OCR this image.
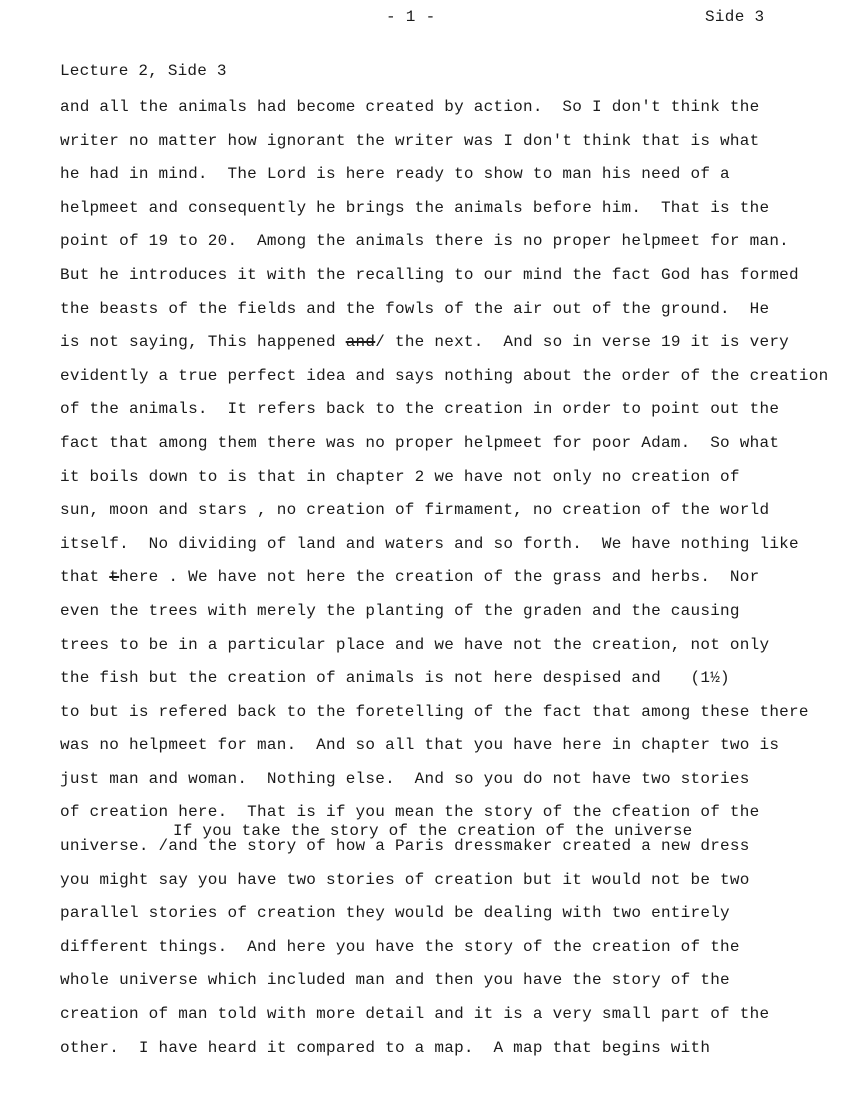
- 1 -	Side 3
Lecture 2, Side 3
If you take the story of the creation of the universe
and all the animals had become created by action.  So I don't think the
writer no matter how ignorant the writer was I don't think that is what
he had in mind.  The Lord is here ready to show to man his need of a
helpmeet and consequently he brings the animals before him.  That is the
point of 19 to 20.  Among the animals there is no proper helpmeet for man.
But he introduces it with the recalling to our mind the fact God has formed
the beasts of the fields and the fowls of the air out of the ground.  He
is not saying, This happened and/ the next.  And so in verse 19 it is very
evidently a true perfect idea and says nothing about the order of the creation
of the animals.  It refers back to the creation in order to point out the
fact that among them there was no proper helpmeet for poor Adam.  So what
it boils down to is that in chapter 2 we have not only no creation of
sun, moon and stars , no creation of firmament, no creation of the world
itself.  No dividing of land and waters and so forth.  We have nothing like
that there . We have not here the creation of the grass and herbs.  Nor
even the trees with merely the planting of the graden and the causing
trees to be in a particular place and we have not the creation, not only
the fish but the creation of animals is not here despised and   (1½)
to but is refered back to the foretelling of the fact that among these there
was no helpmeet for man.  And so all that you have here in chapter two is
just man and woman.  Nothing else.  And so you do not have two stories
of creation here.  That is if you mean the story of the cfeation of the
universe. /and the story of how a Paris dressmaker created a new dress
you might say you have two stories of creation but it would not be two
parallel stories of creation they would be dealing with two entirely
different things.  And here you have the story of the creation of the
whole universe which included man and then you have the story of the
creation of man told with more detail and it is a very small part of the
other.  I have heard it compared to a map.  A map that begins with
